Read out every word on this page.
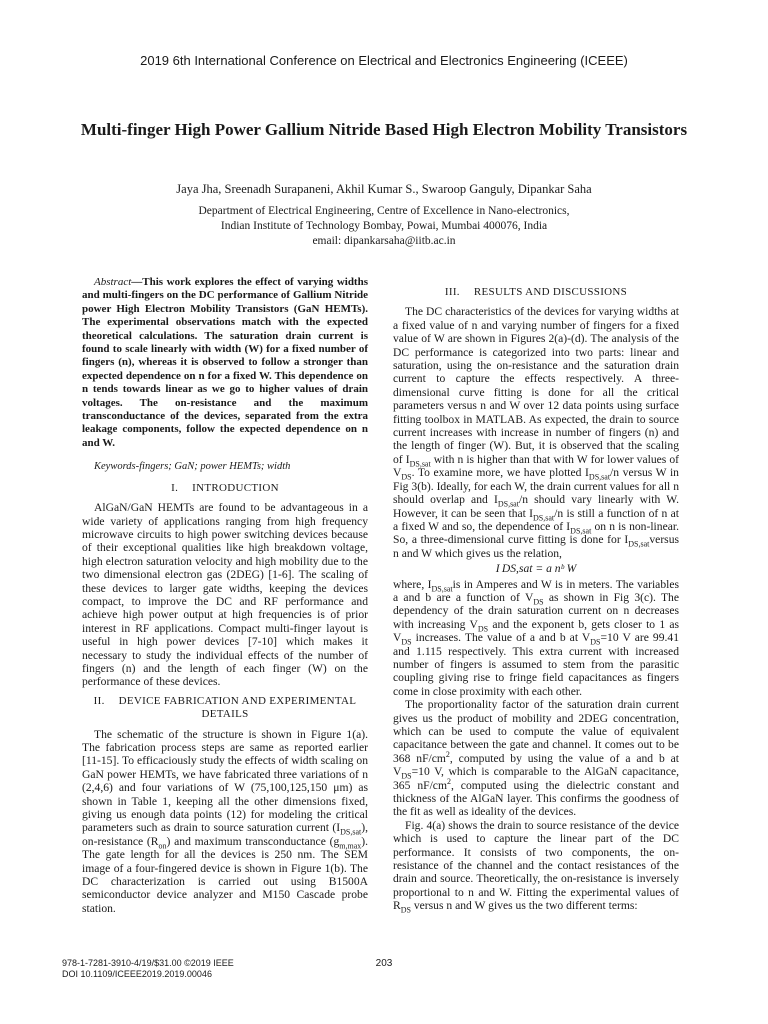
2019 6th International Conference on Electrical and Electronics Engineering (ICEEE)
Multi-finger High Power Gallium Nitride Based High Electron Mobility Transistors
Jaya Jha, Sreenadh Surapaneni, Akhil Kumar S., Swaroop Ganguly, Dipankar Saha
Department of Electrical Engineering, Centre of Excellence in Nano-electronics,
Indian Institute of Technology Bombay, Powai, Mumbai 400076, India
email: dipankarsaha@iitb.ac.in

Abstract—This work explores the effect of varying widths and multi-fingers on the DC performance of Gallium Nitride power High Electron Mobility Transistors (GaN HEMTs). The experimental observations match with the expected theoretical calculations. The saturation drain current is found to scale linearly with width (W) for a fixed number of fingers (n), whereas it is observed to follow a stronger than expected dependence on n for a fixed W. This dependence on n tends towards linear as we go to higher values of drain voltages. The on-resistance and the maximum transconductance of the devices, separated from the extra leakage components, follow the expected dependence on n and W.

Keywords-fingers; GaN; power HEMTs; width
I. INTRODUCTION

AlGaN/GaN HEMTs are found to be advantageous in a wide variety of applications ranging from high frequency microwave circuits to high power switching devices because of their exceptional qualities like high breakdown voltage, high electron saturation velocity and high mobility due to the two dimensional electron gas (2DEG) [1-6]. The scaling of these devices to larger gate widths, keeping the devices compact, to improve the DC and RF performance and achieve high power output at high frequencies is of prior interest in RF applications. Compact multi-finger layout is useful in high power devices [7-10] which makes it necessary to study the individual effects of the number of fingers (n) and the length of each finger (W) on the performance of these devices.

II. DEVICE FABRICATION AND EXPERIMENTAL DETAILS

The schematic of the structure is shown in Figure 1(a). The fabrication process steps are same as reported earlier [11-15]. To efficaciously study the effects of width scaling on GaN power HEMTs, we have fabricated three variations of n (2,4,6) and four variations of W (75,100,125,150 μm) as shown in Table 1, keeping all the other dimensions fixed, giving us enough data points (12) for modeling the critical parameters such as drain to source saturation current $(I_{DS,sat})$, on-resistance $(R_{on})$ and maximum transconductance $(g_{m,max})$. The gate length for all the devices is 250 nm. The SEM image of a four-fingered device is shown in Figure 1(b). The DC characterization is carried out using B1500A semiconductor device analyzer and M150 Cascade probe station.

III. RESULTS AND DISCUSSIONS

The DC characteristics of the devices for varying widths at a fixed value of n and varying number of fingers for a fixed value of W are shown in Figures 2(a)-(d). The analysis of the DC performance is categorized into two parts: linear and saturation, using the on-resistance and the saturation drain current to capture the effects respectively. A three-dimensional curve fitting is done for all the critical parameters versus n and W over 12 data points using surface fitting toolbox in MATLAB. As expected, the drain to source current increases with increase in number of fingers (n) and the length of finger (W). But, it is observed that the scaling of $I_{DS,sat}$ with n is higher than that with W for lower values of $V_{DS}$. To examine more, we have plotted $I_{DS,sat}/n$ versus W in Fig 3(b). Ideally, for each W, the drain current values for all n should overlap and $I_{DS,sat}/n$ should vary linearly with W. However, it can be seen that $I_{DS,sat}/n$ is still a function of n at a fixed W and so, the dependence of $I_{DS,sat}$ on n is non-linear. So, a three-dimensional curve fitting is done for $I_{DS,sat}versus$ n and W which gives us the relation,

I DS,sat = a nᵇ W

where, $I_{DS,sat}is$ in Amperes and W is in meters. The variables a and b are a function of $V_{DS}$ as shown in Fig 3(c). The dependency of the drain saturation current on n decreases with increasing $V_{DS}$ and the exponent b, gets closer to 1 as $V_{DS}$ increases. The value of a and b at $V_{DS}=10$ V are 99.41 and 1.115 respectively. This extra current with increased number of fingers is assumed to stem from the parasitic coupling giving rise to fringe field capacitances as fingers come in close proximity with each other.

The proportionality factor of the saturation drain current gives us the product of mobility and 2DEG concentration, which can be used to compute the value of equivalent capacitance between the gate and channel. It comes out to be 368 $nF/cm^2$, computed by using the value of a and b at $V_{DS}=10$ V, which is comparable to the AlGaN capacitance, 365 $nF/cm^2$, computed using the dielectric constant and thickness of the AlGaN layer. This confirms the goodness of the fit as well as ideality of the devices.

Fig. 4(a) shows the drain to source resistance of the device which is used to capture the linear part of the DC performance. It consists of two components, the on-resistance of the channel and the contact resistances of the drain and source. Theoretically, the on-resistance is inversely proportional to n and W. Fitting the experimental values of $R_{DS}$ versus n and W gives us the two different terms:

978-1-7281-3910-4/19/$31.00 ©2019 IEEE
DOI 10.1109/ICEEE2019.2019.00046
203
